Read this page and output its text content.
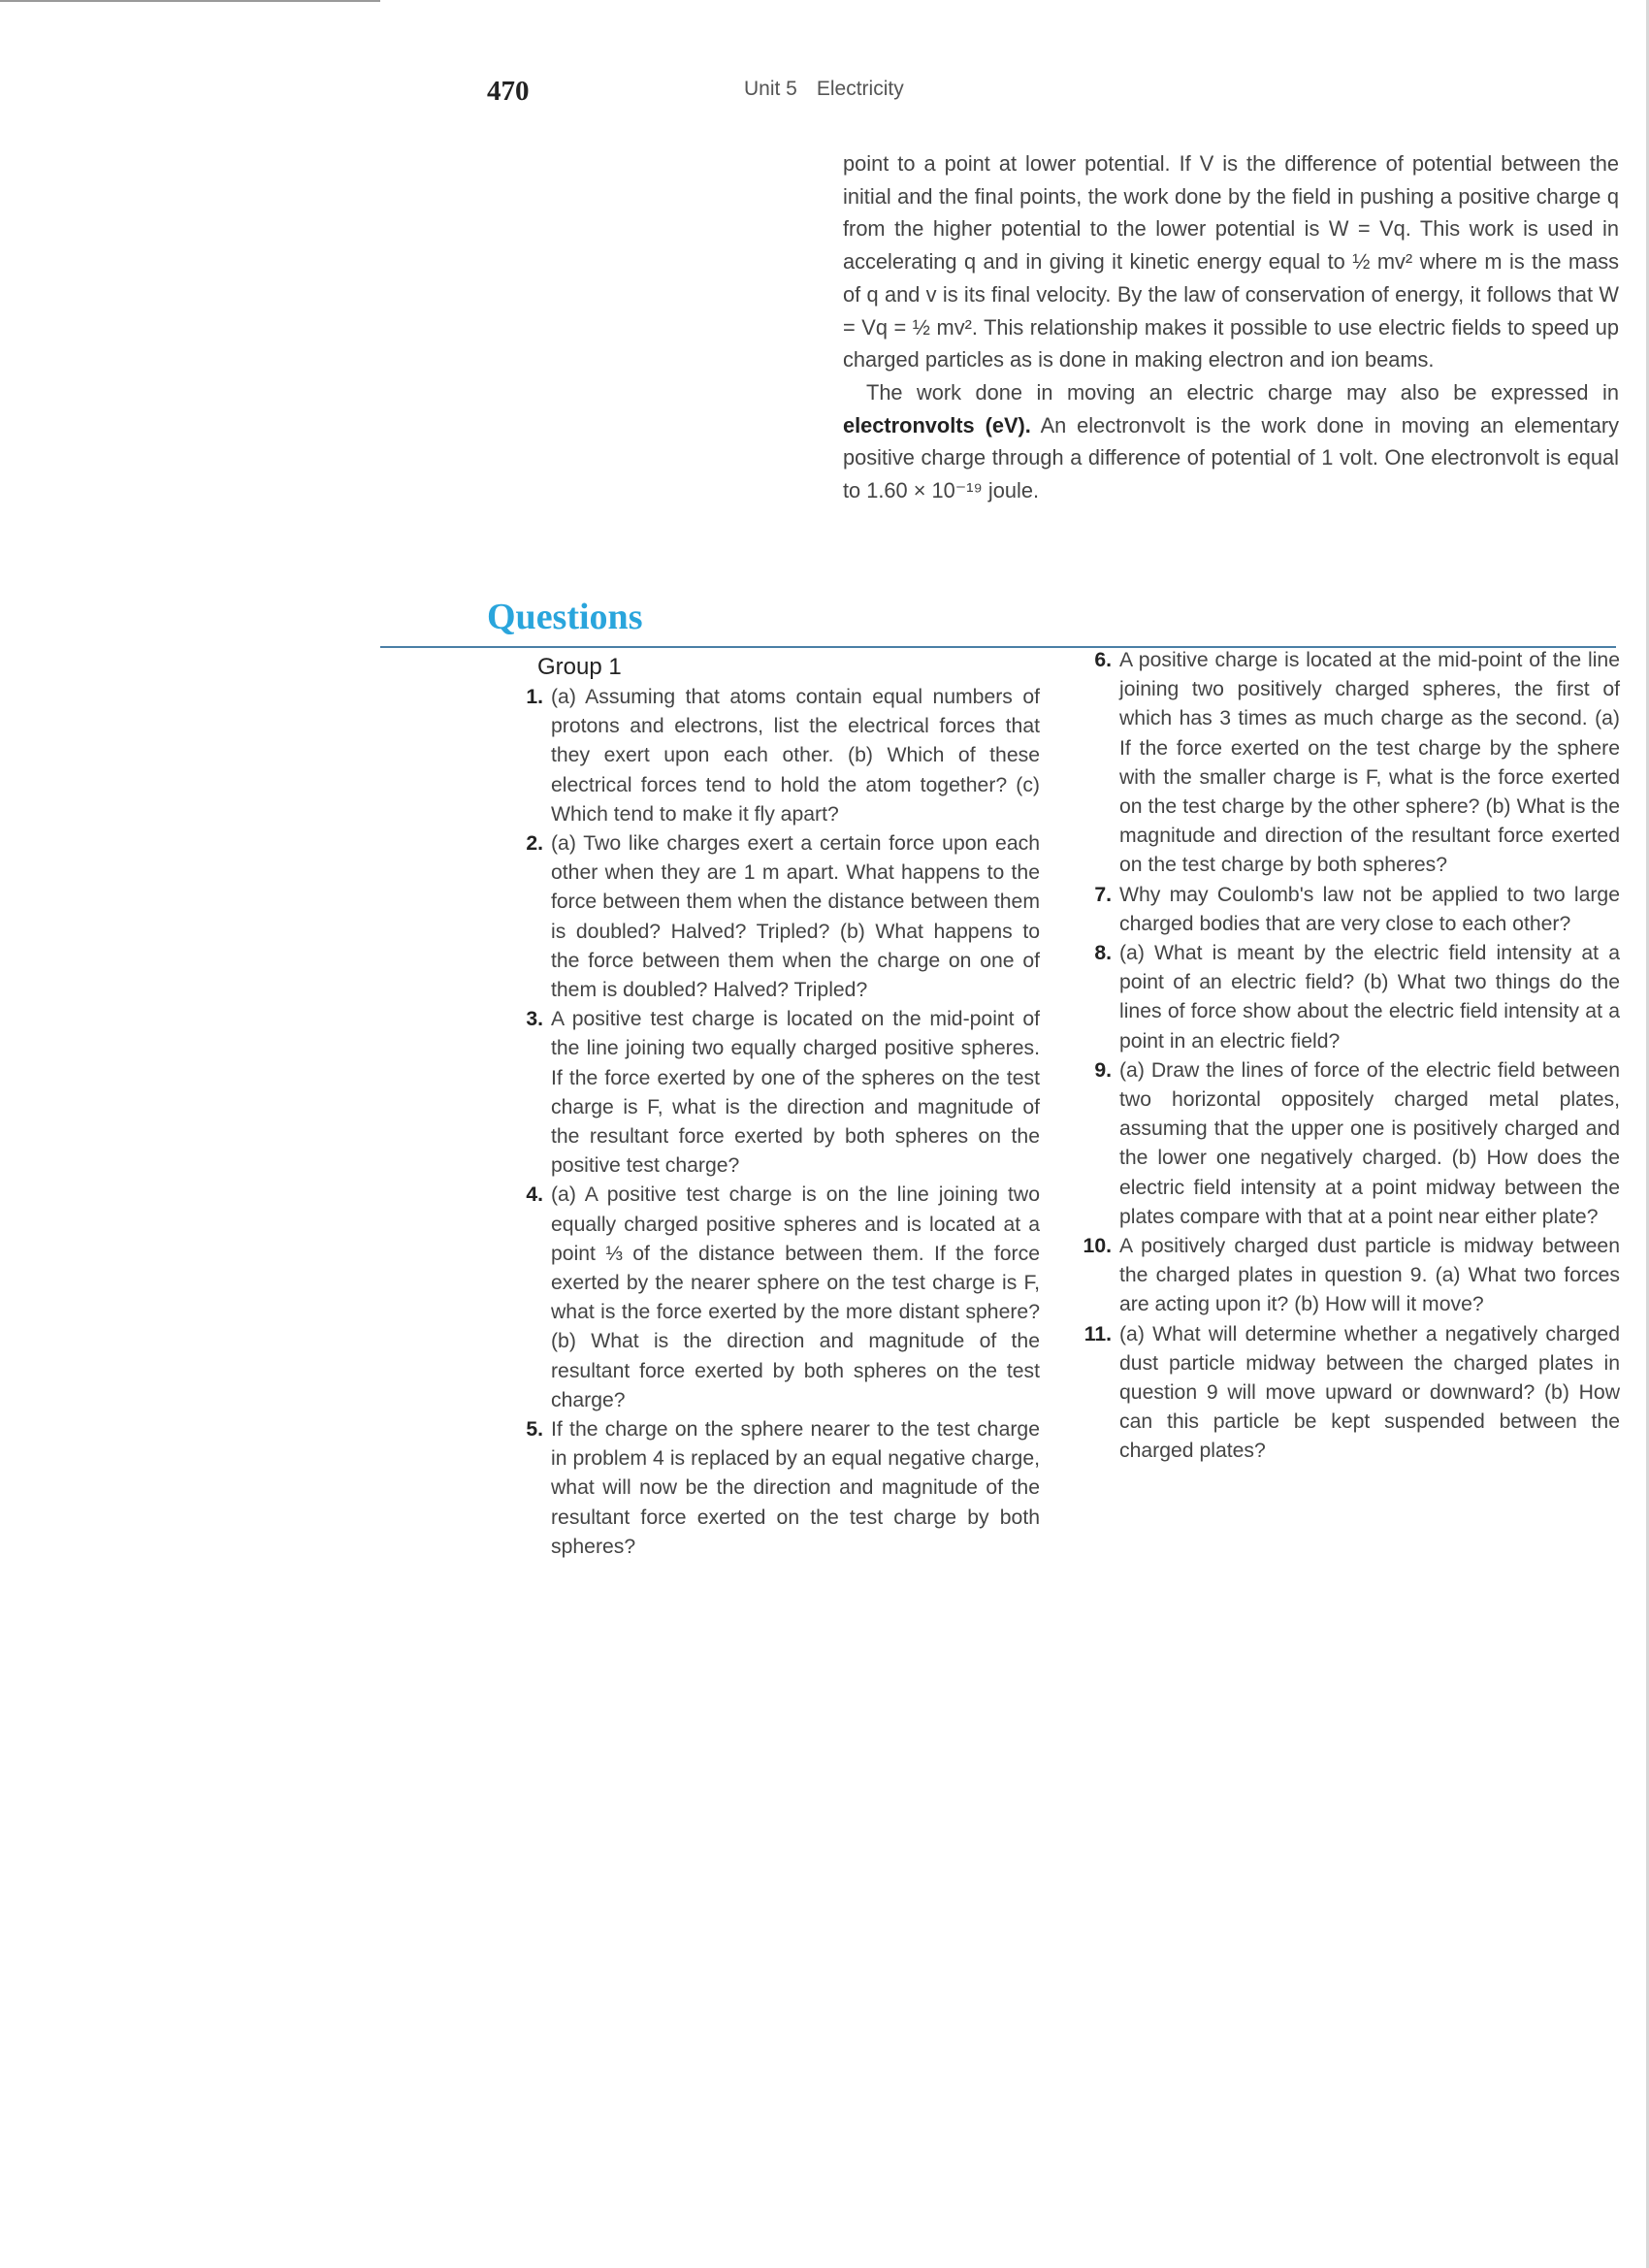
470	Unit 5 Electricity

point to a point at lower potential. If V is the difference of potential between the initial and the final points, the work done by the field in pushing a positive charge q from the higher potential to the lower potential is W = Vq. This work is used in accelerating q and in giving it kinetic energy equal to ½ mv² where m is the mass of q and v is its final velocity. By the law of conservation of energy, it follows that W = Vq = ½ mv². This relationship makes it possible to use electric fields to speed up charged particles as is done in making electron and ion beams.

The work done in moving an electric charge may also be expressed in electronvolts (eV). An electronvolt is the work done in moving an elementary positive charge through a difference of potential of 1 volt. One electronvolt is equal to 1.60 × 10⁻¹⁹ joule.

Questions
Group 1
1. (a) Assuming that atoms contain equal numbers of protons and electrons, list the electrical forces that they exert upon each other. (b) Which of these electrical forces tend to hold the atom together? (c) Which tend to make it fly apart?
2. (a) Two like charges exert a certain force upon each other when they are 1 m apart. What happens to the force between them when the distance between them is doubled? Halved? Tripled? (b) What happens to the force between them when the charge on one of them is doubled? Halved? Tripled?
3. A positive test charge is located on the mid-point of the line joining two equally charged positive spheres. If the force exerted by one of the spheres on the test charge is F, what is the direction and magnitude of the resultant force exerted by both spheres on the positive test charge?
4. (a) A positive test charge is on the line joining two equally charged positive spheres and is located at a point ⅓ of the distance between them. If the force exerted by the nearer sphere on the test charge is F, what is the force exerted by the more distant sphere? (b) What is the direction and magnitude of the resultant force exerted by both spheres on the test charge?
5. If the charge on the sphere nearer to the test charge in problem 4 is replaced by an equal negative charge, what will now be the direction and magnitude of the resultant force exerted on the test charge by both spheres?
6. A positive charge is located at the mid-point of the line joining two positively charged spheres, the first of which has 3 times as much charge as the second. (a) If the force exerted on the test charge by the sphere with the smaller charge is F, what is the force exerted on the test charge by the other sphere? (b) What is the magnitude and direction of the resultant force exerted on the test charge by both spheres?
7. Why may Coulomb's law not be applied to two large charged bodies that are very close to each other?
8. (a) What is meant by the electric field intensity at a point of an electric field? (b) What two things do the lines of force show about the electric field intensity at a point in an electric field?
9. (a) Draw the lines of force of the electric field between two horizontal oppositely charged metal plates, assuming that the upper one is positively charged and the lower one negatively charged. (b) How does the electric field intensity at a point midway between the plates compare with that at a point near either plate?
10. A positively charged dust particle is midway between the charged plates in question 9. (a) What two forces are acting upon it? (b) How will it move?
11. (a) What will determine whether a negatively charged dust particle midway between the charged plates in question 9 will move upward or downward? (b) How can this particle be kept suspended between the charged plates?
